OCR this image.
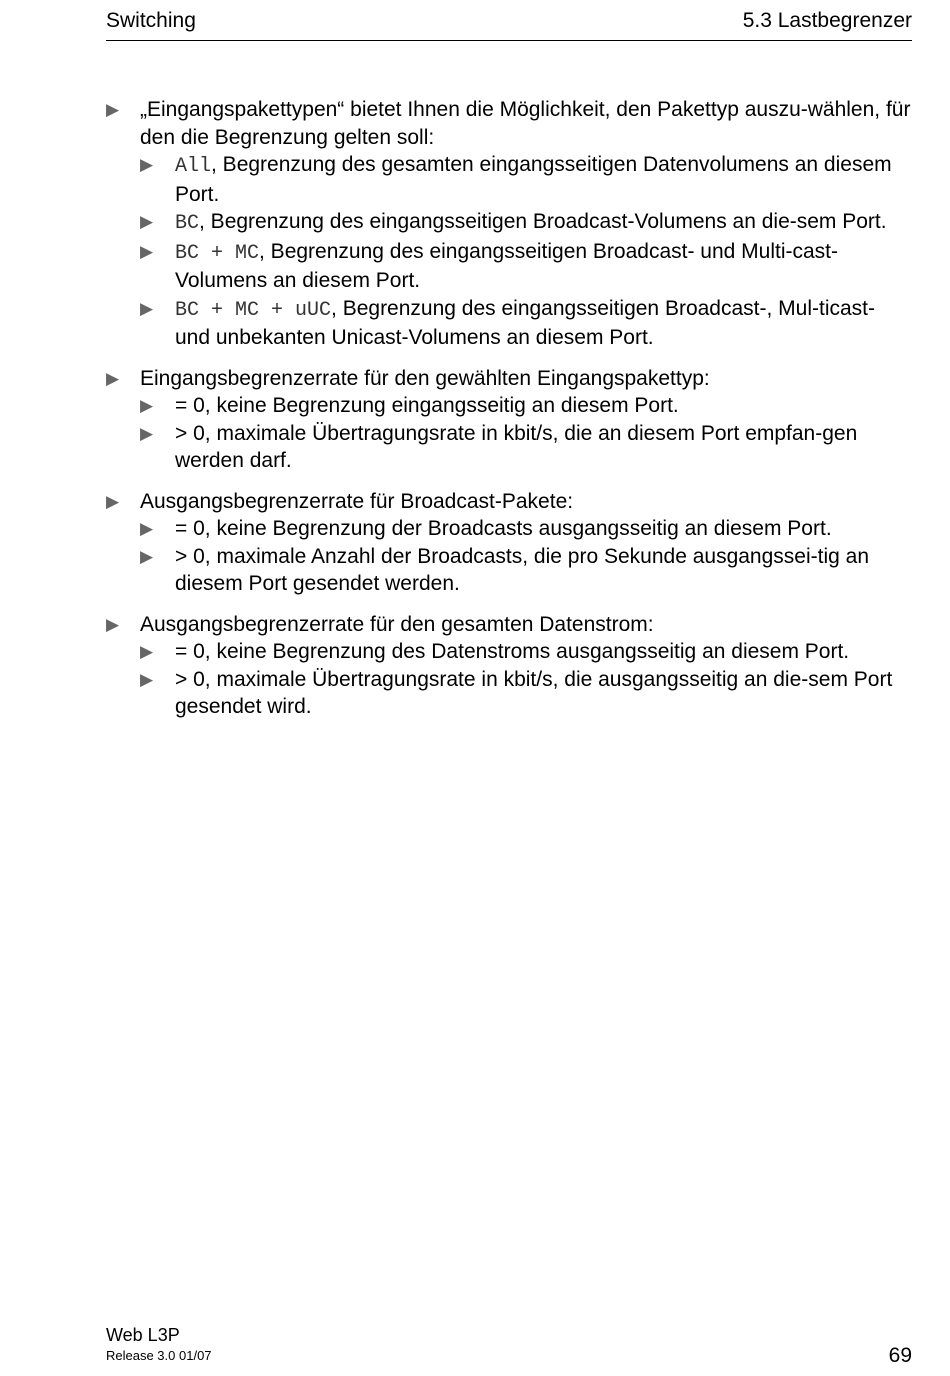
Switching	5.3 Lastbegrenzer
▶ „Eingangspakettypen“ bietet Ihnen die Möglichkeit, den Pakettyp auszu-wählen, für den die Begrenzung gelten soll:
▶ All, Begrenzung des gesamten eingangsseitigen Datenvolumens an diesem Port.
▶ BC, Begrenzung des eingangsseitigen Broadcast-Volumens an die-sem Port.
▶ BC + MC, Begrenzung des eingangsseitigen Broadcast- und Multi-cast-Volumens an diesem Port.
▶ BC + MC + uUC, Begrenzung des eingangsseitigen Broadcast-, Mul-ticast- und unbekanten Unicast-Volumens an diesem Port.
▶ Eingangsbegrenzerrate für den gewählten Eingangspakettyp:
▶ = 0, keine Begrenzung eingangsseitig an diesem Port.
▶ > 0, maximale Übertragungsrate in kbit/s, die an diesem Port empfan-gen werden darf.
▶ Ausgangsbegrenzerrate für Broadcast-Pakete:
▶ = 0, keine Begrenzung der Broadcasts ausgangsseitig an diesem Port.
▶ > 0, maximale Anzahl der Broadcasts, die pro Sekunde ausgangssei-tig an diesem Port gesendet werden.
▶ Ausgangsbegrenzerrate für den gesamten Datenstrom:
▶ = 0, keine Begrenzung des Datenstroms ausgangsseitig an diesem Port.
▶ > 0, maximale Übertragungsrate in kbit/s, die ausgangsseitig an die-sem Port gesendet wird.
Web L3P
Release 3.0 01/07	69
